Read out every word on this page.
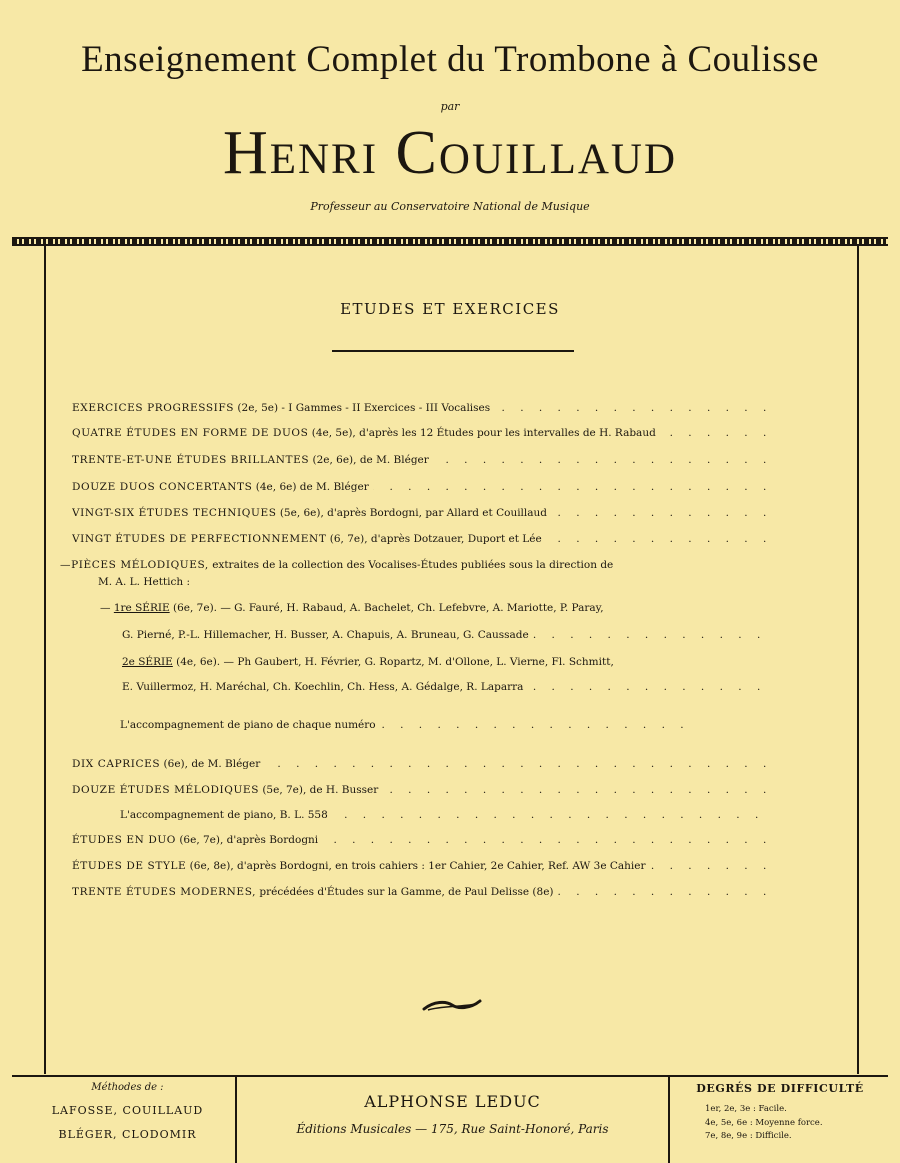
Enseignement Complet du Trombone à Coulisse
par
Henri Couillaud
Professeur au Conservatoire National de Musique
ETUDES ET EXERCICES
. . .
EXERCICES PROGRESSIFS (2e, 5e) - I Gammes - II Exercices - III Vocalises
. . .
QUATRE ÉTUDES EN FORME DE DUOS (4e, 5e), d'après les 12 Études pour les intervalles de H. Rabaud
. . .
TRENTE-ET-UNE ÉTUDES BRILLANTES (2e, 6e), de M. Bléger
. . .
DOUZE DUOS CONCERTANTS (4e, 6e) de M. Bléger
. . .
VINGT-SIX ÉTUDES TECHNIQUES (5e, 6e), d'après Bordogni, par Allard et Couillaud
. . .
VINGT ÉTUDES DE PERFECTIONNEMENT (6, 7e), d'après Dotzauer, Duport et Lée
—PIÈCES MÉLODIQUES, extraites de la collection des Vocalises-Études publiées sous la direction de
M. A. L. Hettich :
— 1re SÉRIE (6e, 7e). — G. Fauré, H. Rabaud, A. Bachelet, Ch. Lefebvre, A. Mariotte, P. Paray,
. . .
G. Pierné, P.-L. Hillemacher, H. Busser, A. Chapuis, A. Bruneau, G. Caussade
2e SÉRIE (4e, 6e). — Ph Gaubert, H. Février, G. Ropartz, M. d'Ollone, L. Vierne, Fl. Schmitt,
. . .
E. Vuillermoz, H. Maréchal, Ch. Koechlin, Ch. Hess, A. Gédalge, R. Laparra
. . .
L'accompagnement de piano de chaque numéro
. . .
DIX CAPRICES (6e), de M. Bléger
. . .
DOUZE ÉTUDES MÉLODIQUES (5e, 7e), de H. Busser
. . .
L'accompagnement de piano, B. L. 558
. . .
ÉTUDES EN DUO (6e, 7e), d'après Bordogni
. . .
ÉTUDES DE STYLE (6e, 8e), d'après Bordogni, en trois cahiers : 1er Cahier, 2e Cahier, Ref. AW 3e Cahier
. . .
TRENTE ÉTUDES MODERNES, précédées d'Études sur la Gamme, de Paul Delisse (8e)
Méthodes de :
LAFOSSE, COUILLAUD
BLÉGER, CLODOMIR
ALPHONSE LEDUC
Éditions Musicales — 175, Rue Saint-Honoré, Paris
DEGRÉS DE DIFFICULTÉ
1er, 2e, 3e : Facile.
4e, 5e, 6e : Moyenne force.
7e, 8e, 9e : Difficile.
